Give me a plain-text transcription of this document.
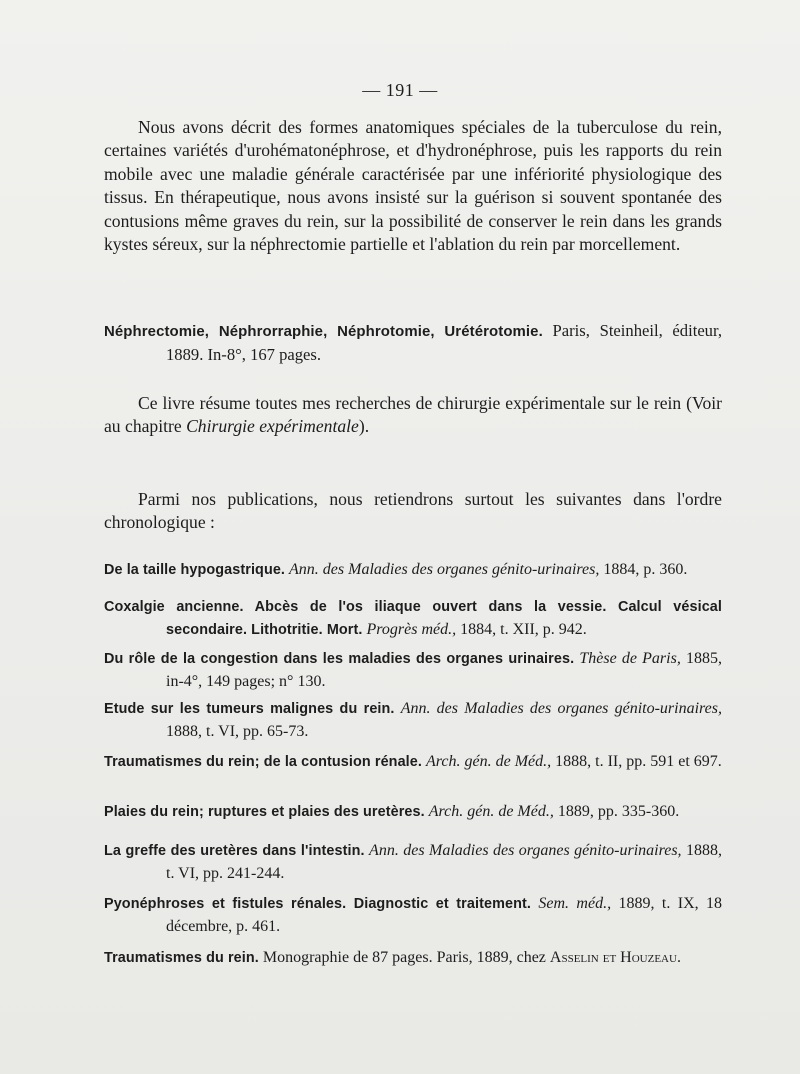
— 191 —

Nous avons décrit des formes anatomiques spéciales de la tuberculose du rein, certaines variétés d'urohématonéphrose, et d'hydronéphrose, puis les rapports du rein mobile avec une maladie générale caractérisée par une infériorité physiologique des tissus. En thérapeutique, nous avons insisté sur la guérison si souvent spontanée des contusions même graves du rein, sur la possibilité de conserver le rein dans les grands kystes séreux, sur la néphrectomie partielle et l'ablation du rein par morcellement.

Néphrectomie, Néphrorraphie, Néphrotomie, Urétérotomie. Paris, Steinheil, éditeur, 1889. In-8°, 167 pages.

Ce livre résume toutes mes recherches de chirurgie expérimentale sur le rein (Voir au chapitre Chirurgie expérimentale).

Parmi nos publications, nous retiendrons surtout les suivantes dans l'ordre chronologique :

De la taille hypogastrique. Ann. des Maladies des organes génito-urinaires, 1884, p. 360.

Coxalgie ancienne. Abcès de l'os iliaque ouvert dans la vessie. Calcul vésical secondaire. Lithotritie. Mort. Progrès méd., 1884, t. XII, p. 942.

Du rôle de la congestion dans les maladies des organes urinaires. Thèse de Paris, 1885, in-4°, 149 pages; n° 130.

Etude sur les tumeurs malignes du rein. Ann. des Maladies des organes génito-urinaires, 1888, t. VI, pp. 65-73.

Traumatismes du rein; de la contusion rénale. Arch. gén. de Méd., 1888, t. II, pp. 591 et 697.

Plaies du rein; ruptures et plaies des uretères. Arch. gén. de Méd., 1889, pp. 335-360.

La greffe des uretères dans l'intestin. Ann. des Maladies des organes génito-urinaires, 1888, t. VI, pp. 241-244.

Pyonéphroses et fistules rénales. Diagnostic et traitement. Sem. méd., 1889, t. IX, 18 décembre, p. 461.

Traumatismes du rein. Monographie de 87 pages. Paris, 1889, chez Asselin et Houzeau.
